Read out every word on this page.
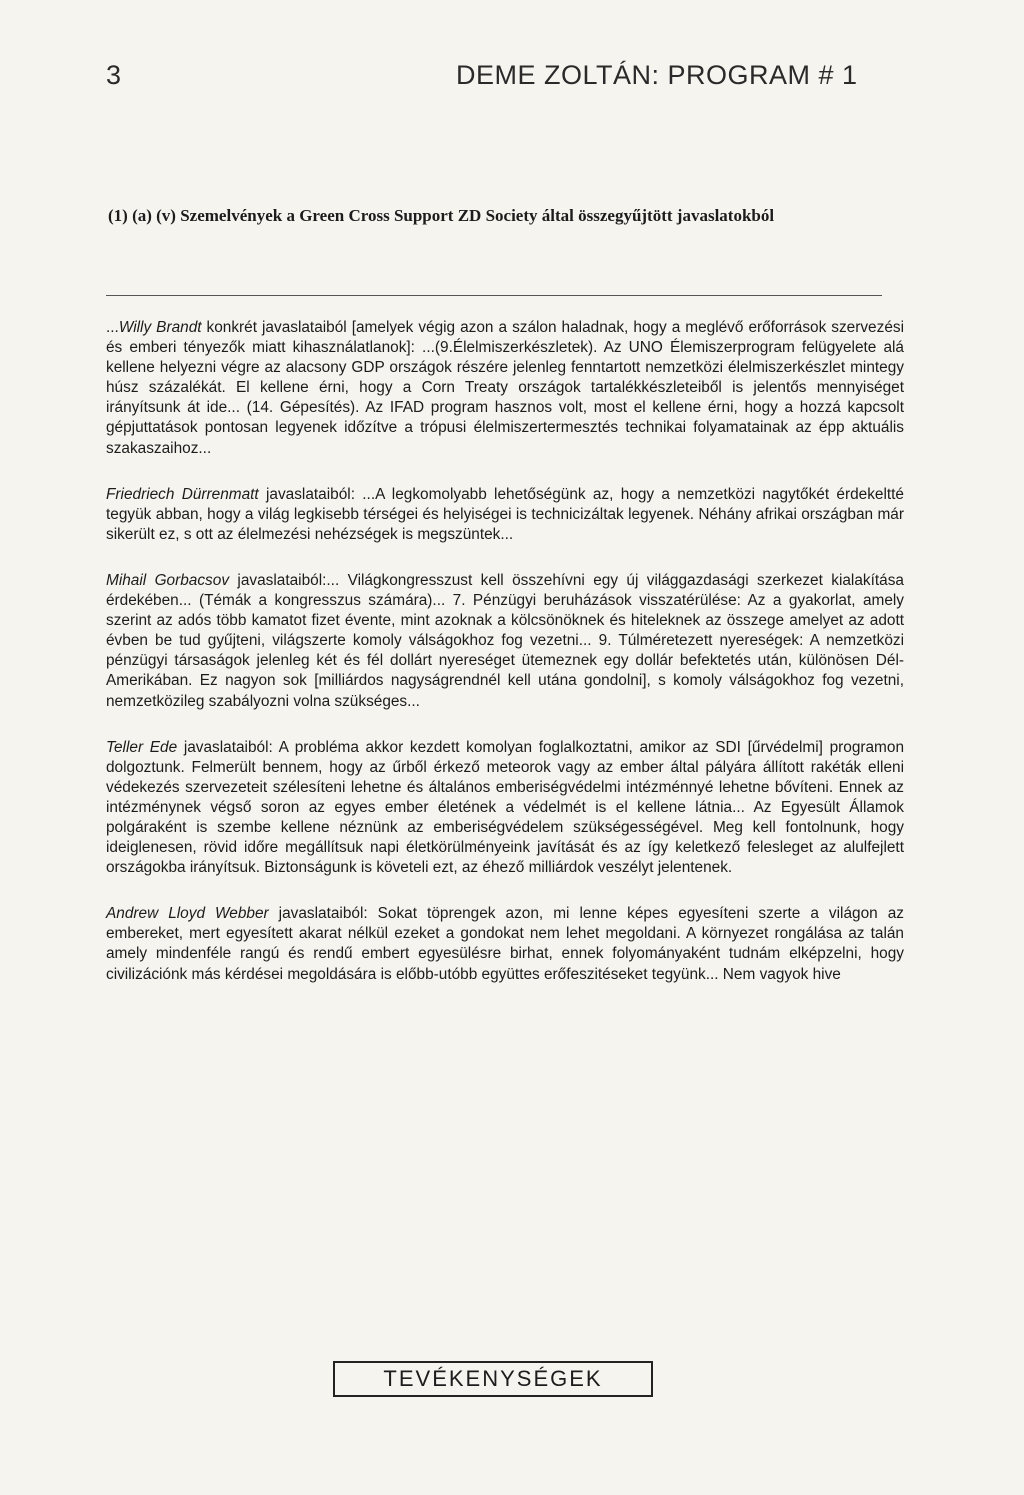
3	DEME ZOLTÁN: PROGRAM # 1
(1) (a) (v) Szemelvények a Green Cross Support ZD Society által összegyűjtött javaslatokból

...Willy Brandt konkrét javaslataiból [amelyek végig azon a szálon haladnak, hogy a meglévő erőforrások szervezési és emberi tényezők miatt kihasználatlanok]: ...(9.Élelmiszerkészletek). Az UNO Élemiszerprogram felügyelete alá kellene helyezni végre az alacsony GDP országok részére jelenleg fenntartott nemzetközi élelmiszerkészlet mintegy húsz százalékát. El kellene érni, hogy a Corn Treaty országok tartalékkészleteiből is jelentős mennyiséget irányítsunk át ide... (14. Gépesítés). Az IFAD program hasznos volt, most el kellene érni, hogy a hozzá kapcsolt gépjuttatások pontosan legyenek időzítve a trópusi élelmiszertermesztés technikai folyamatainak az épp aktuális szakaszaihoz...

Friedriech Dürrenmatt javaslataiból: ...A legkomolyabb lehetőségünk az, hogy a nemzetközi nagytőkét érdekeltté tegyük abban, hogy a világ legkisebb térségei és helyiségei is technicizáltak legyenek. Néhány afrikai országban már sikerült ez, s ott az élelmezési nehézségek is megszüntek...

Mihail Gorbacsov javaslataiból:... Világkongresszust kell összehívni egy új világgazdasági szerkezet kialakítása érdekében... (Témák a kongresszus számára)... 7. Pénzügyi beruházások visszatérülése: Az a gyakorlat, amely szerint az adós több kamatot fizet évente, mint azoknak a kölcsönöknek és hiteleknek az összege amelyet az adott évben be tud gyűjteni, világszerte komoly válságokhoz fog vezetni... 9. Túlméretezett nyereségek: A nemzetközi pénzügyi társaságok jelenleg két és fél dollárt nyereséget ütemeznek egy dollár befektetés után, különösen Dél-Amerikában. Ez nagyon sok [milliárdos nagyságrendnél kell utána gondolni], s komoly válságokhoz fog vezetni, nemzetközileg szabályozni volna szükséges...

Teller Ede javaslataiból: A probléma akkor kezdett komolyan foglalkoztatni, amikor az SDI [űrvédelmi] programon dolgoztunk. Felmerült bennem, hogy az űrből érkező meteorok vagy az ember által pályára állított rakéták elleni védekezés szervezeteit szélesíteni lehetne és általános emberiségvédelmi intézménnyé lehetne bővíteni. Ennek az intézménynek végső soron az egyes ember életének a védelmét is el kellene látnia... Az Egyesült Államok polgáraként is szembe kellene néznünk az emberiségvédelem szükségességével. Meg kell fontolnunk, hogy ideiglenesen, rövid időre megállítsuk napi életkörülményeink javítását és az így keletkező felesleget az alulfejlett országokba irányítsuk. Biztonságunk is követeli ezt, az éhező milliárdok veszélyt jelentenek.

Andrew Lloyd Webber javaslataiból: Sokat töprengek azon, mi lenne képes egyesíteni szerte a világon az embereket, mert egyesített akarat nélkül ezeket a gondokat nem lehet megoldani. A környezet rongálása az talán amely mindenféle rangú és rendű embert egyesülésre birhat, ennek folyományaként tudnám elképzelni, hogy civilizációnk más kérdései megoldására is előbb-utóbb együttes erőfeszitéseket tegyünk... Nem vagyok hive

TEVÉKENYSÉGEK
